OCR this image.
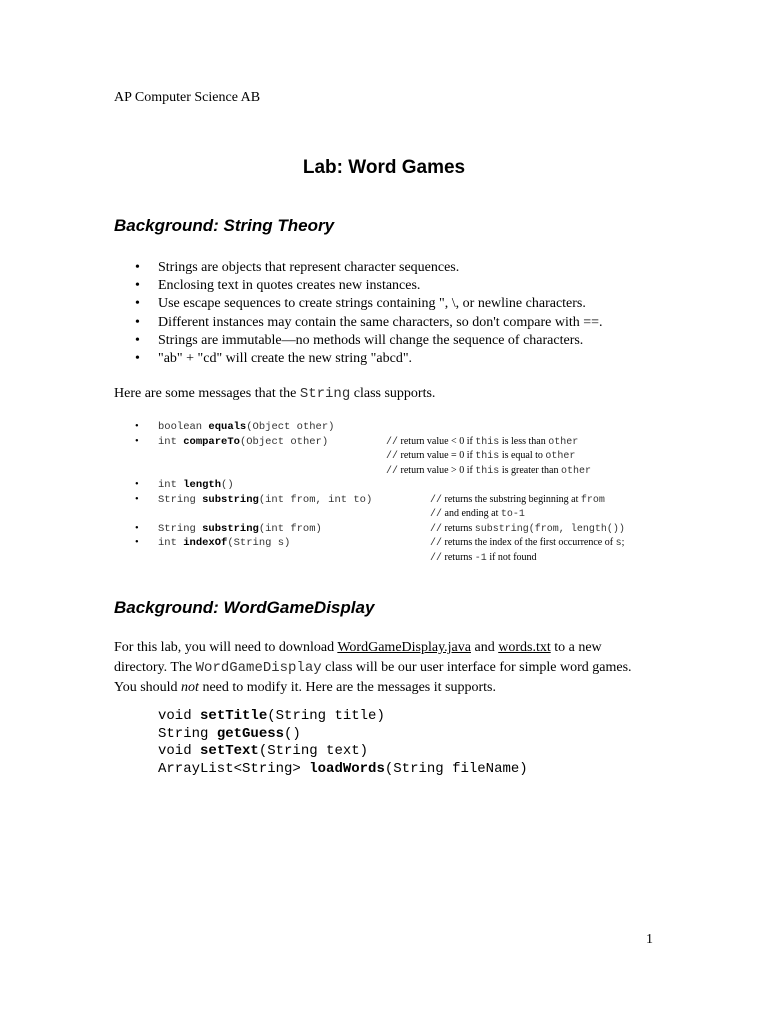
AP Computer Science AB
Lab: Word Games
Background: String Theory
• Strings are objects that represent character sequences.
• Enclosing text in quotes creates new instances.
• Use escape sequences to create strings containing ", \, or newline characters.
• Different instances may contain the same characters, so don't compare with ==.
• Strings are immutable—no methods will change the sequence of characters.
• "ab" + "cd" will create the new string "abcd".
Here are some messages that the String class supports.
• boolean equals(Object other)
• int compareTo(Object other)
• int length()
• String substring(int from, int to)
• String substring(int from)
• int indexOf(String s)
// return value < 0 if this is less than other
// return value = 0 if this is equal to other
// return value > 0 if this is greater than other
// returns the substring beginning at from
// and ending at to-1
// returns substring(from, length())
// returns the index of the first occurrence of s;
// returns -1 if not found
Background: WordGameDisplay
For this lab, you will need to download WordGameDisplay.java and words.txt to a new directory. The WordGameDisplay class will be our user interface for simple word games. You should not need to modify it. Here are the messages it supports.
void setTitle(String title)
String getGuess()
void setText(String text)
ArrayList<String> loadWords(String fileName)
1
